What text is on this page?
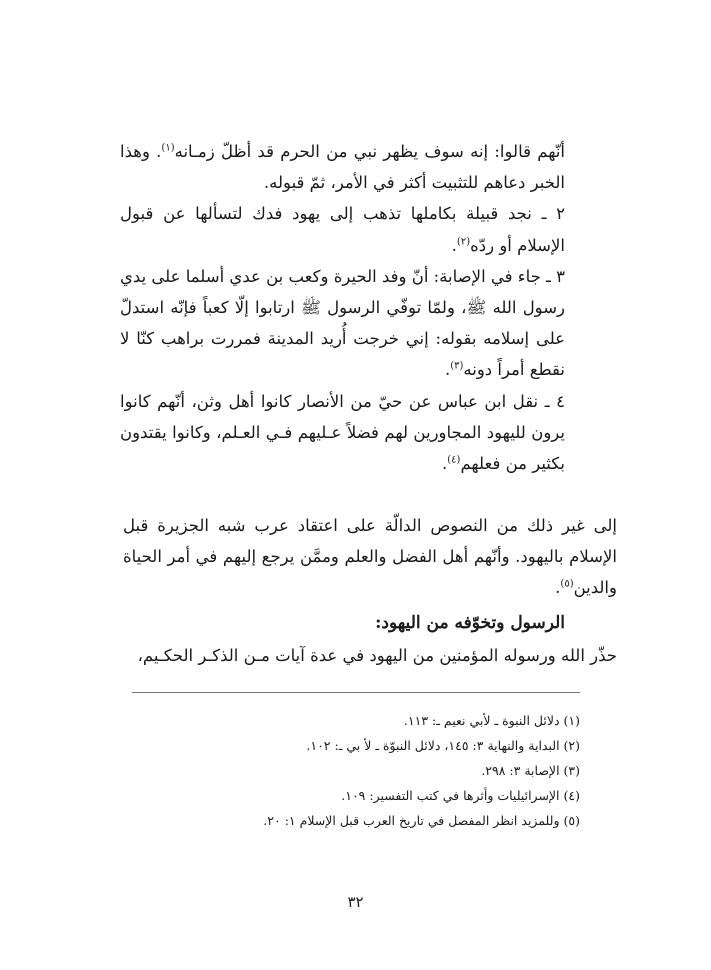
أنّهم قالوا: إنه سوف يظهر نبي من الحرم قد أظلّ زمـانه$^{(١)}$. وهذا الخبر دعاهم للتثبيت أكثر في الأمر، ثمّ قبوله.

٢ ـ نجد قبيلة بكاملها تذهب إلى يهود فدك لتسألها عن قبول الإسلام أو ردّه$^{(٢)}$.

٣ ـ جاء في الإصابة: أنّ وفد الحيرة وكعب بن عدي أسلما على يدي رسول الله ﷺ، ولمّا توفّي الرسول ﷺ ارتابوا إلّا كعباً فإنّه استدلّ على إسلامه بقوله: إني خرجت أُريد المدينة فمررت براهب كنّا لا نقطع أمراً دونه$^{(٣)}$.

٤ ـ نقل ابن عباس عن حيّ من الأنصار كانوا أهل وثن، أنّهم كانوا يرون لليهود المجاورين لهم فضلاً عـليهم فـي العـلم، وكانوا يقتدون بكثير من فعلهم$^{(٤)}$.

إلى غير ذلك من النصوص الدالّة على اعتقاد عرب شبه الجزيرة قبل الإسلام باليهود. وأنّهم أهل الفضل والعلم وممَّن يرجع إليهم في أمر الحياة والدين$^{(٥)}$.

الرسول وتخوّفه من اليهود:

حذّر الله ورسوله المؤمنين من اليهود في عدة آيات مـن الذكـر الحكـيم،

(١) دلائل النبوة ـ لأبي نعيم ـ: ١١٣.
(٢) البداية والنهاية ٣: ١٤٥، دلائل النبوّة ـ لأ بي ـ: ١٠٢.
(٣) الإصابة ٣: ٢٩٨.
(٤) الإسرائيليات وأثرها في كتب التفسير: ١٠٩.
(٥) وللمزيد انظر المفصل في تاريخ العرب قبل الإسلام ١: ٢٠.
٣٢
